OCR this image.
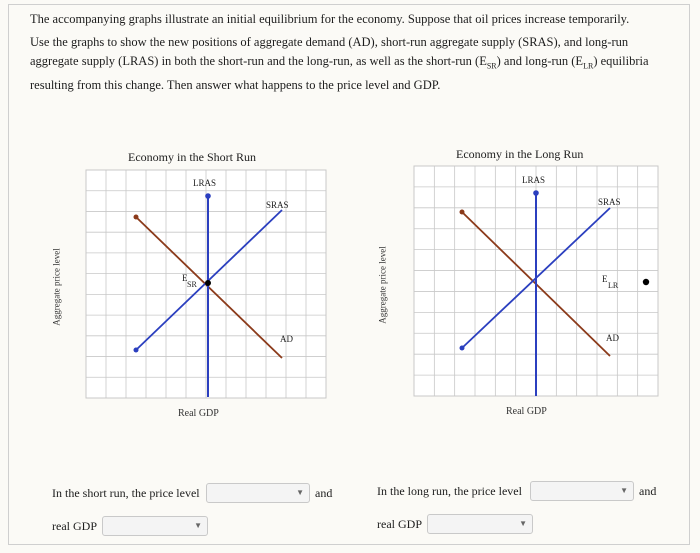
The accompanying graphs illustrate an initial equilibrium for the economy. Suppose that oil prices increase temporarily.

Use the graphs to show the new positions of aggregate demand (AD), short-run aggregate supply (SRAS), and long-run aggregate supply (LRAS) in both the short-run and the long-run, as well as the short-run $(E_{SR})$ and long-run $(E_{LR})$ equilibria resulting from this change. Then answer what happens to the price level and GDP.

Economy in the Short Run
Aggregate price level
Real GDP
LRAS
SRAS
AD
E
SR
LRAS
SRAS
AD
E
LR
Economy in the Long Run
Aggregate price level
Real GDP
In the short run, the price level	▼ and
real GDP	▼
In the long run, the price level	▼ and
real GDP	▼
